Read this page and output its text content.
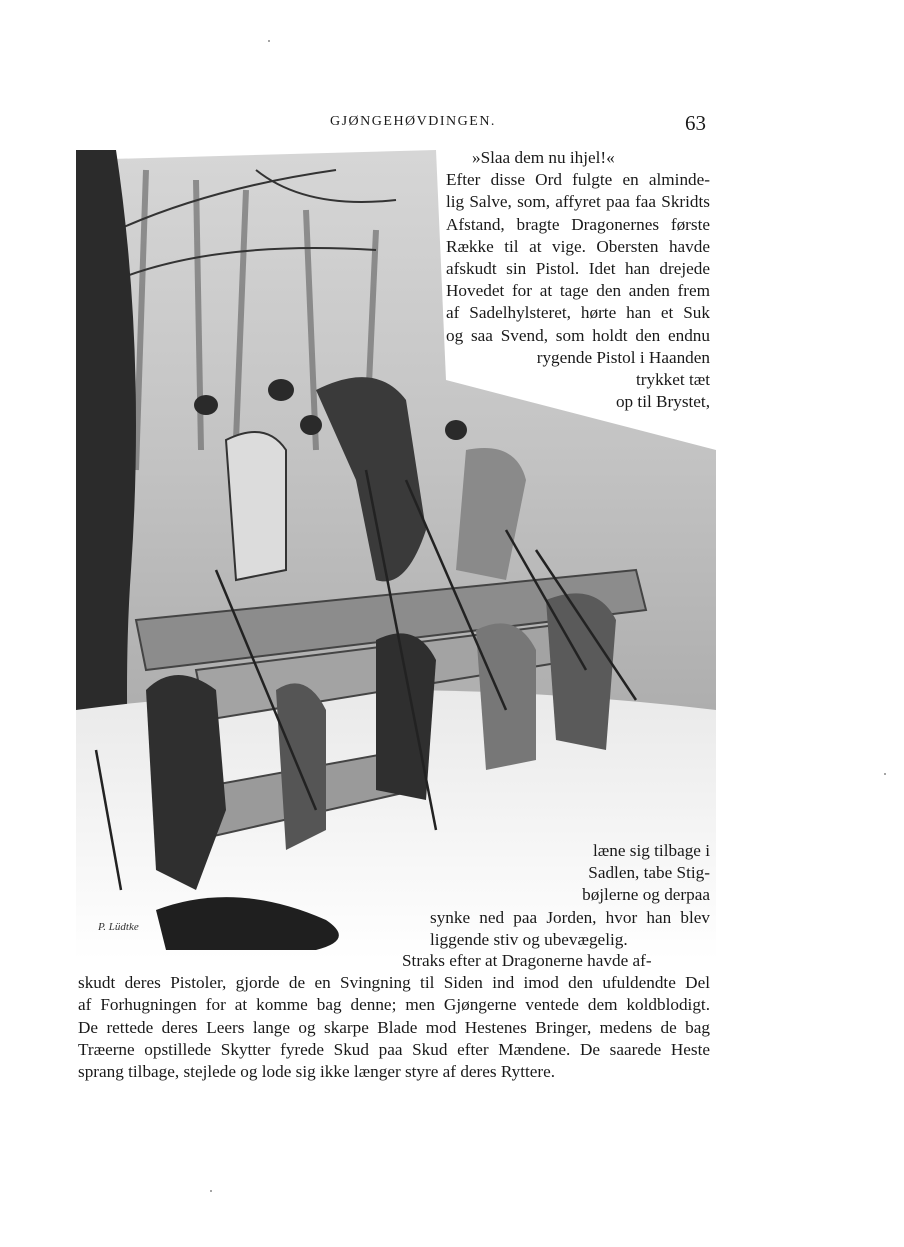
GJØNGEHØVDINGEN.	63
P. Lüdtke
»Slaa dem nu ihjel!«
Efter disse Ord fulgte en alminde-
lig Salve, som, affyret paa faa Skridts
Afstand, bragte Dragonernes første
Række til at vige. Obersten havde
afskudt sin Pistol. Idet han drejede
Hovedet for at tage den anden frem
af Sadelhylsteret, hørte han et Suk
og saa Svend, som holdt den endnu
rygende Pistol i Haanden
trykket tæt
op til Brystet,
læne sig tilbage i
Sadlen, tabe Stig-
bøjlerne og derpaa
synke ned paa Jorden, hvor han blev
liggende stiv og ubevægelig.
Straks efter at Dragonerne havde af-
skudt deres Pistoler, gjorde de en Svingning til Siden ind imod den ufuldendte Del
af Forhugningen for at komme bag denne; men Gjøngerne ventede dem koldblodigt.
De rettede deres Leers lange og skarpe Blade mod Hestenes Bringer, medens de bag
Træerne opstillede Skytter fyrede Skud paa Skud efter Mændene. De saarede Heste
sprang tilbage, stejlede og lode sig ikke længer styre af deres Ryttere.
